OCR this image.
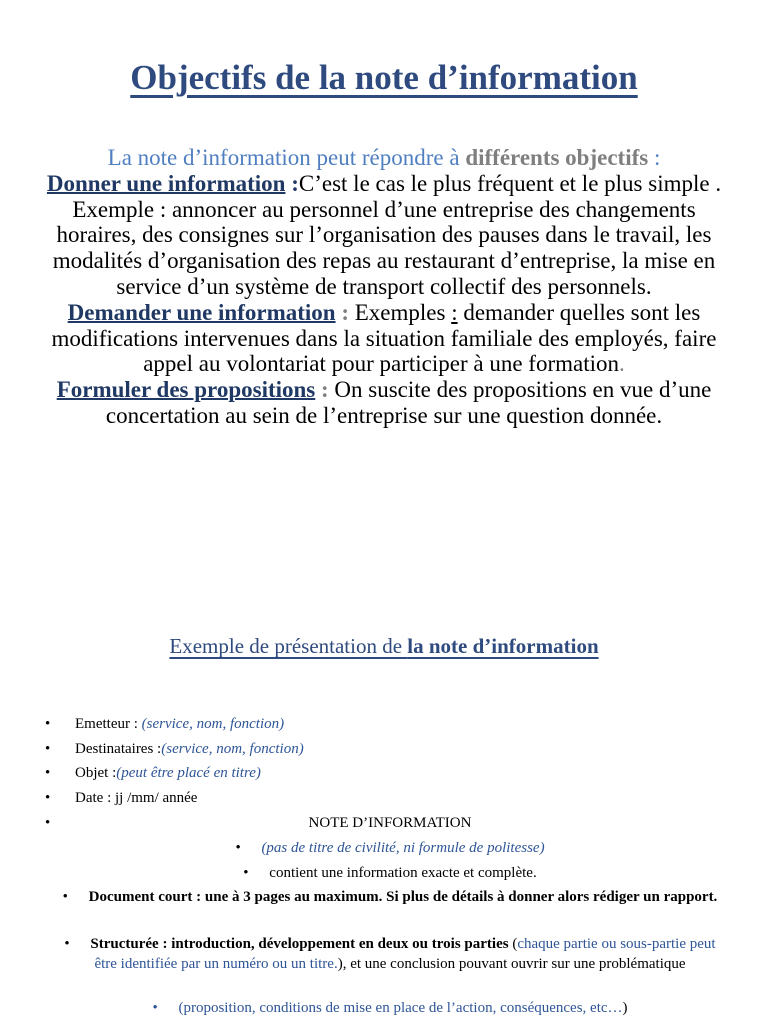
Objectifs de la note d’information
La note d’information peut répondre à différents objectifs :
Donner une information :C’est le cas le plus fréquent et le plus simple . Exemple : annoncer au personnel d’une entreprise des changements horaires, des consignes sur l’organisation des pauses dans le travail, les modalités d’organisation des repas au restaurant d’entreprise, la mise en service d’un système de transport collectif des personnels.
Demander une information : Exemples : demander quelles sont les modifications intervenues dans la situation familiale des employés, faire appel au volontariat pour participer à une formation.
Formuler des propositions : On suscite des propositions en vue d’une concertation au sein de l’entreprise sur une question donnée.
Exemple de présentation de la note d’information
• Emetteur : (service, nom, fonction)
• Destinataires :(service, nom, fonction)
• Objet :(peut être placé en titre)
• Date : jj /mm/ année
•	NOTE D’INFORMATION
•(pas de titre de civilité, ni formule de politesse)
•contient une information exacte et complète.
•Document court : une à 3 pages au maximum. Si plus de détails à donner alors rédiger un rapport.
•Structurée : introduction, développement en deux ou trois parties (chaque partie ou sous-partie peut être identifiée par un numéro ou un titre.), et une conclusion pouvant ouvrir sur une problématique
•(proposition, conditions de mise en place de l’action, conséquences, etc…)
